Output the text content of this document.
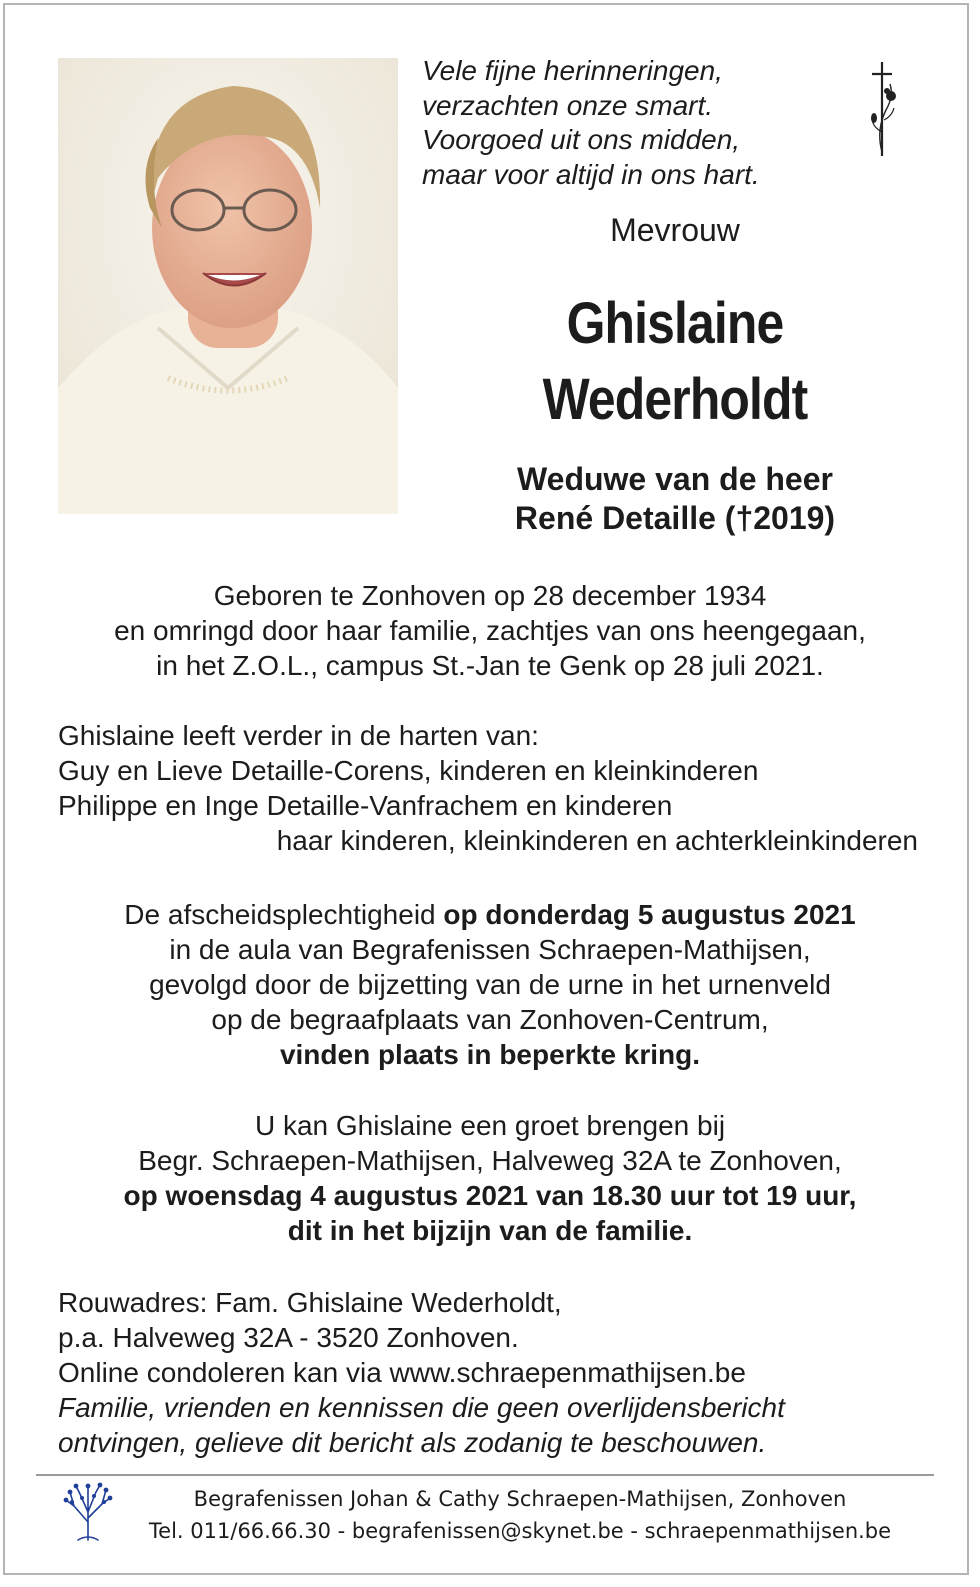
Vele fijne herinneringen,
verzachten onze smart.
Voorgoed uit ons midden,
maar voor altijd in ons hart.
Mevrouw
Ghislaine
Wederholdt
Weduwe van de heer
René Detaille (†2019)
Geboren te Zonhoven op 28 december 1934
en omringd door haar familie, zachtjes van ons heengegaan,
in het Z.O.L., campus St.-Jan te Genk op 28 juli 2021.
Ghislaine leeft verder in de harten van:
Guy en Lieve Detaille-Corens, kinderen en kleinkinderen
Philippe en Inge Detaille-Vanfrachem en kinderen
haar kinderen, kleinkinderen en achterkleinkinderen
De afscheidsplechtigheid op donderdag 5 augustus 2021
in de aula van Begrafenissen Schraepen-Mathijsen,
gevolgd door de bijzetting van de urne in het urnenveld
op de begraafplaats van Zonhoven-Centrum,
vinden plaats in beperkte kring.
U kan Ghislaine een groet brengen bij
Begr. Schraepen-Mathijsen, Halveweg 32A te Zonhoven,
op woensdag 4 augustus 2021 van 18.30 uur tot 19 uur,
dit in het bijzijn van de familie.
Rouwadres: Fam. Ghislaine Wederholdt,
p.a. Halveweg 32A - 3520 Zonhoven.
Online condoleren kan via www.schraepenmathijsen.be
Familie, vrienden en kennissen die geen overlijdensbericht
ontvingen, gelieve dit bericht als zodanig te beschouwen.
Begrafenissen Johan & Cathy Schraepen-Mathijsen, Zonhoven
Tel. 011/66.66.30 - begrafenissen@skynet.be - schraepenmathijsen.be
